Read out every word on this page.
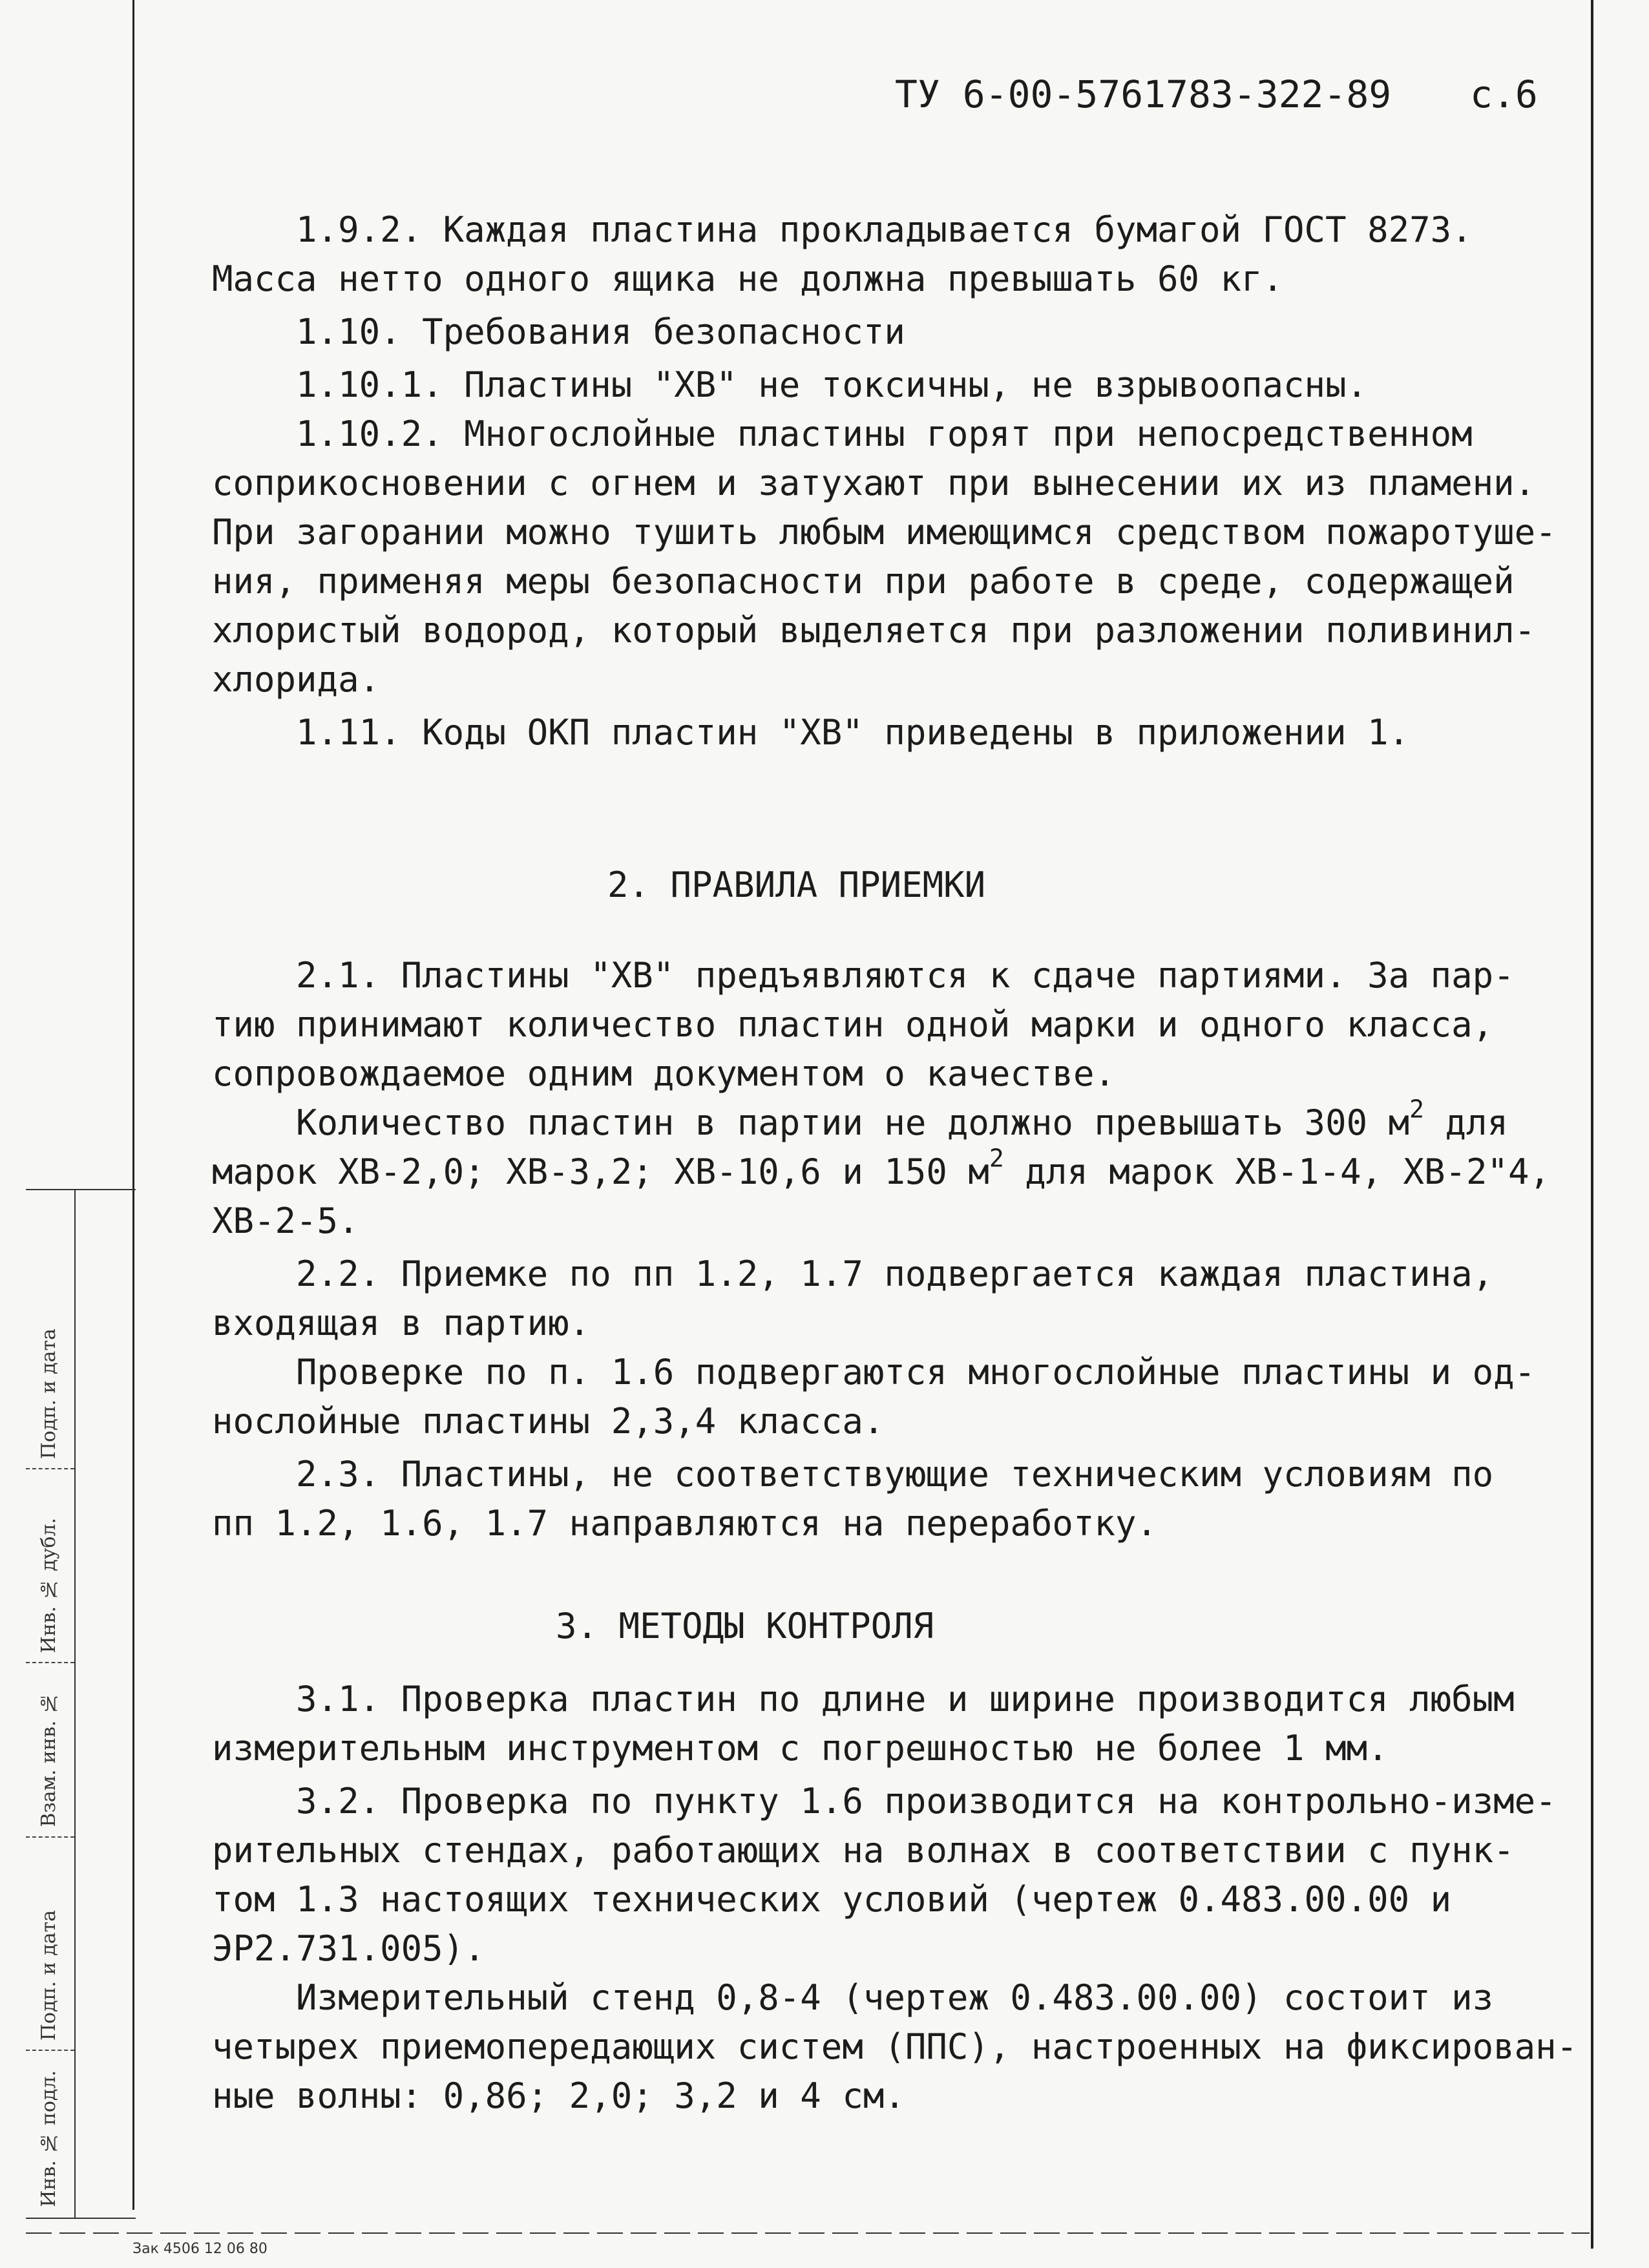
ТУ 6-00-5761783-322-89 с.6

1.9.2. Каждая пластина прокладывается бумагой ГОСТ 8273.

Масса нетто одного ящика не должна превышать 60 кг.

1.10. Требования безопасности

1.10.1. Пластины "ХВ" не токсичны, не взрывоопасны.

1.10.2. Многослойные пластины горят при непосредственном

соприкосновении с огнем и затухают при вынесении их из пламени.

При загорании можно тушить любым имеющимся средством пожаротуше-

ния, применяя меры безопасности при работе в среде, содержащей

хлористый водород, который выделяется при разложении поливинил-

хлорида.

1.11. Коды ОКП пластин "ХВ" приведены в приложении 1.

2. ПРАВИЛА ПРИЕМКИ

2.1. Пластины "ХВ" предъявляются к сдаче партиями. За пар-

тию принимают количество пластин одной марки и одного класса,

сопровождаемое одним документом о качестве.

Количество пластин в партии не должно превышать 300 $м^2$ для

марок ХВ-2,0; ХВ-3,2; ХВ-10,6 и 150 $м^2$ для марок ХВ-1-4, ХВ-2"4,

ХВ-2-5.

2.2. Приемке по пп 1.2, 1.7 подвергается каждая пластина,

входящая в партию.

Проверке по п. 1.6 подвергаются многослойные пластины и од-

нослойные пластины 2,3,4 класса.

2.3. Пластины, не соответствующие техническим условиям по

пп 1.2, 1.6, 1.7 направляются на переработку.

3. МЕТОДЫ КОНТРОЛЯ

3.1. Проверка пластин по длине и ширине производится любым

измерительным инструментом с погрешностью не более 1 мм.

3.2. Проверка по пункту 1.6 производится на контрольно-изме-

рительных стендах, работающих на волнах в соответствии с пунк-

том 1.3 настоящих технических условий (чертеж 0.483.00.00 и

ЭР2.731.005).

Измерительный стенд 0,8-4 (чертеж 0.483.00.00) состоит из

четырех приемопередающих систем (ППС), настроенных на фиксирован-

ные волны: 0,86; 2,0; 3,2 и 4 см.

Подп. и дата
Инв. № дубл.
Взам. инв. №
Подп. и дата
Инв. № подл.
Зак 4506 12 06 80
